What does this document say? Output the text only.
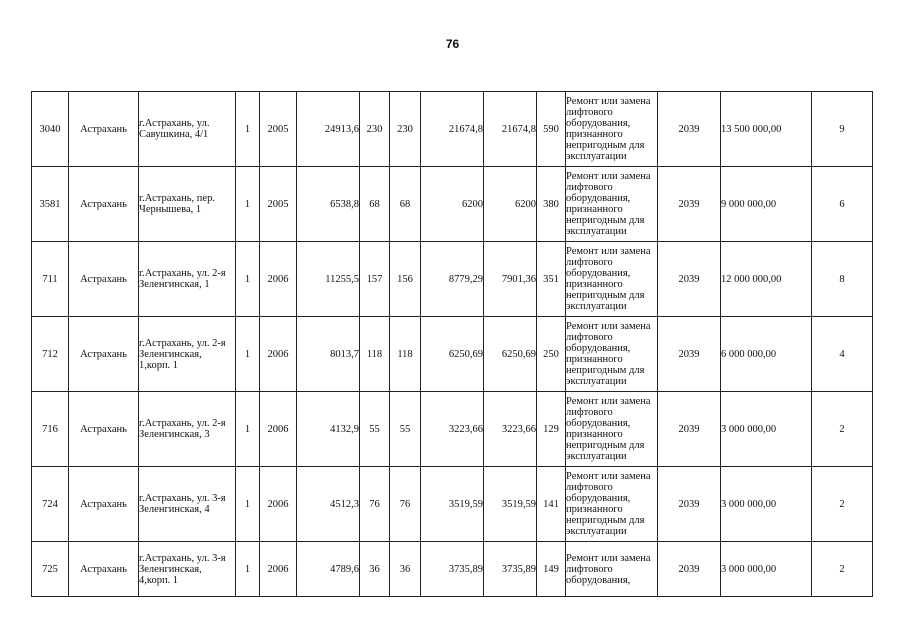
76
3040	Астрахань	г.Астрахань, ул. Савушкина, 4/1	1	2005	24913,6	230	230	21674,8	21674,8	590	Ремонт или замена лифтового оборудования, признанного непригодным для эксплуатации	2039	13 500 000,00	9
3581	Астрахань	г.Астрахань, пер. Чернышева, 1	1	2005	6538,8	68	68	6200	6200	380	Ремонт или замена лифтового оборудования, признанного непригодным для эксплуатации	2039	9 000 000,00	6
711	Астрахань	г.Астрахань, ул. 2-я Зеленгинская, 1	1	2006	11255,5	157	156	8779,29	7901,36	351	Ремонт или замена лифтового оборудования, признанного непригодным для эксплуатации	2039	12 000 000,00	8
712	Астрахань	г.Астрахань, ул. 2-я Зеленгинская, 1,корп. 1	1	2006	8013,7	118	118	6250,69	6250,69	250	Ремонт или замена лифтового оборудования, признанного непригодным для эксплуатации	2039	6 000 000,00	4
716	Астрахань	г.Астрахань, ул. 2-я Зеленгинская, 3	1	2006	4132,9	55	55	3223,66	3223,66	129	Ремонт или замена лифтового оборудования, признанного непригодным для эксплуатации	2039	3 000 000,00	2
724	Астрахань	г.Астрахань, ул. 3-я Зеленгинская, 4	1	2006	4512,3	76	76	3519,59	3519,59	141	Ремонт или замена лифтового оборудования, признанного непригодным для эксплуатации	2039	3 000 000,00	2
725	Астрахань	г.Астрахань, ул. 3-я Зеленгинская, 4,корп. 1	1	2006	4789,6	36	36	3735,89	3735,89	149	Ремонт или замена лифтового оборудования,	2039	3 000 000,00	2
